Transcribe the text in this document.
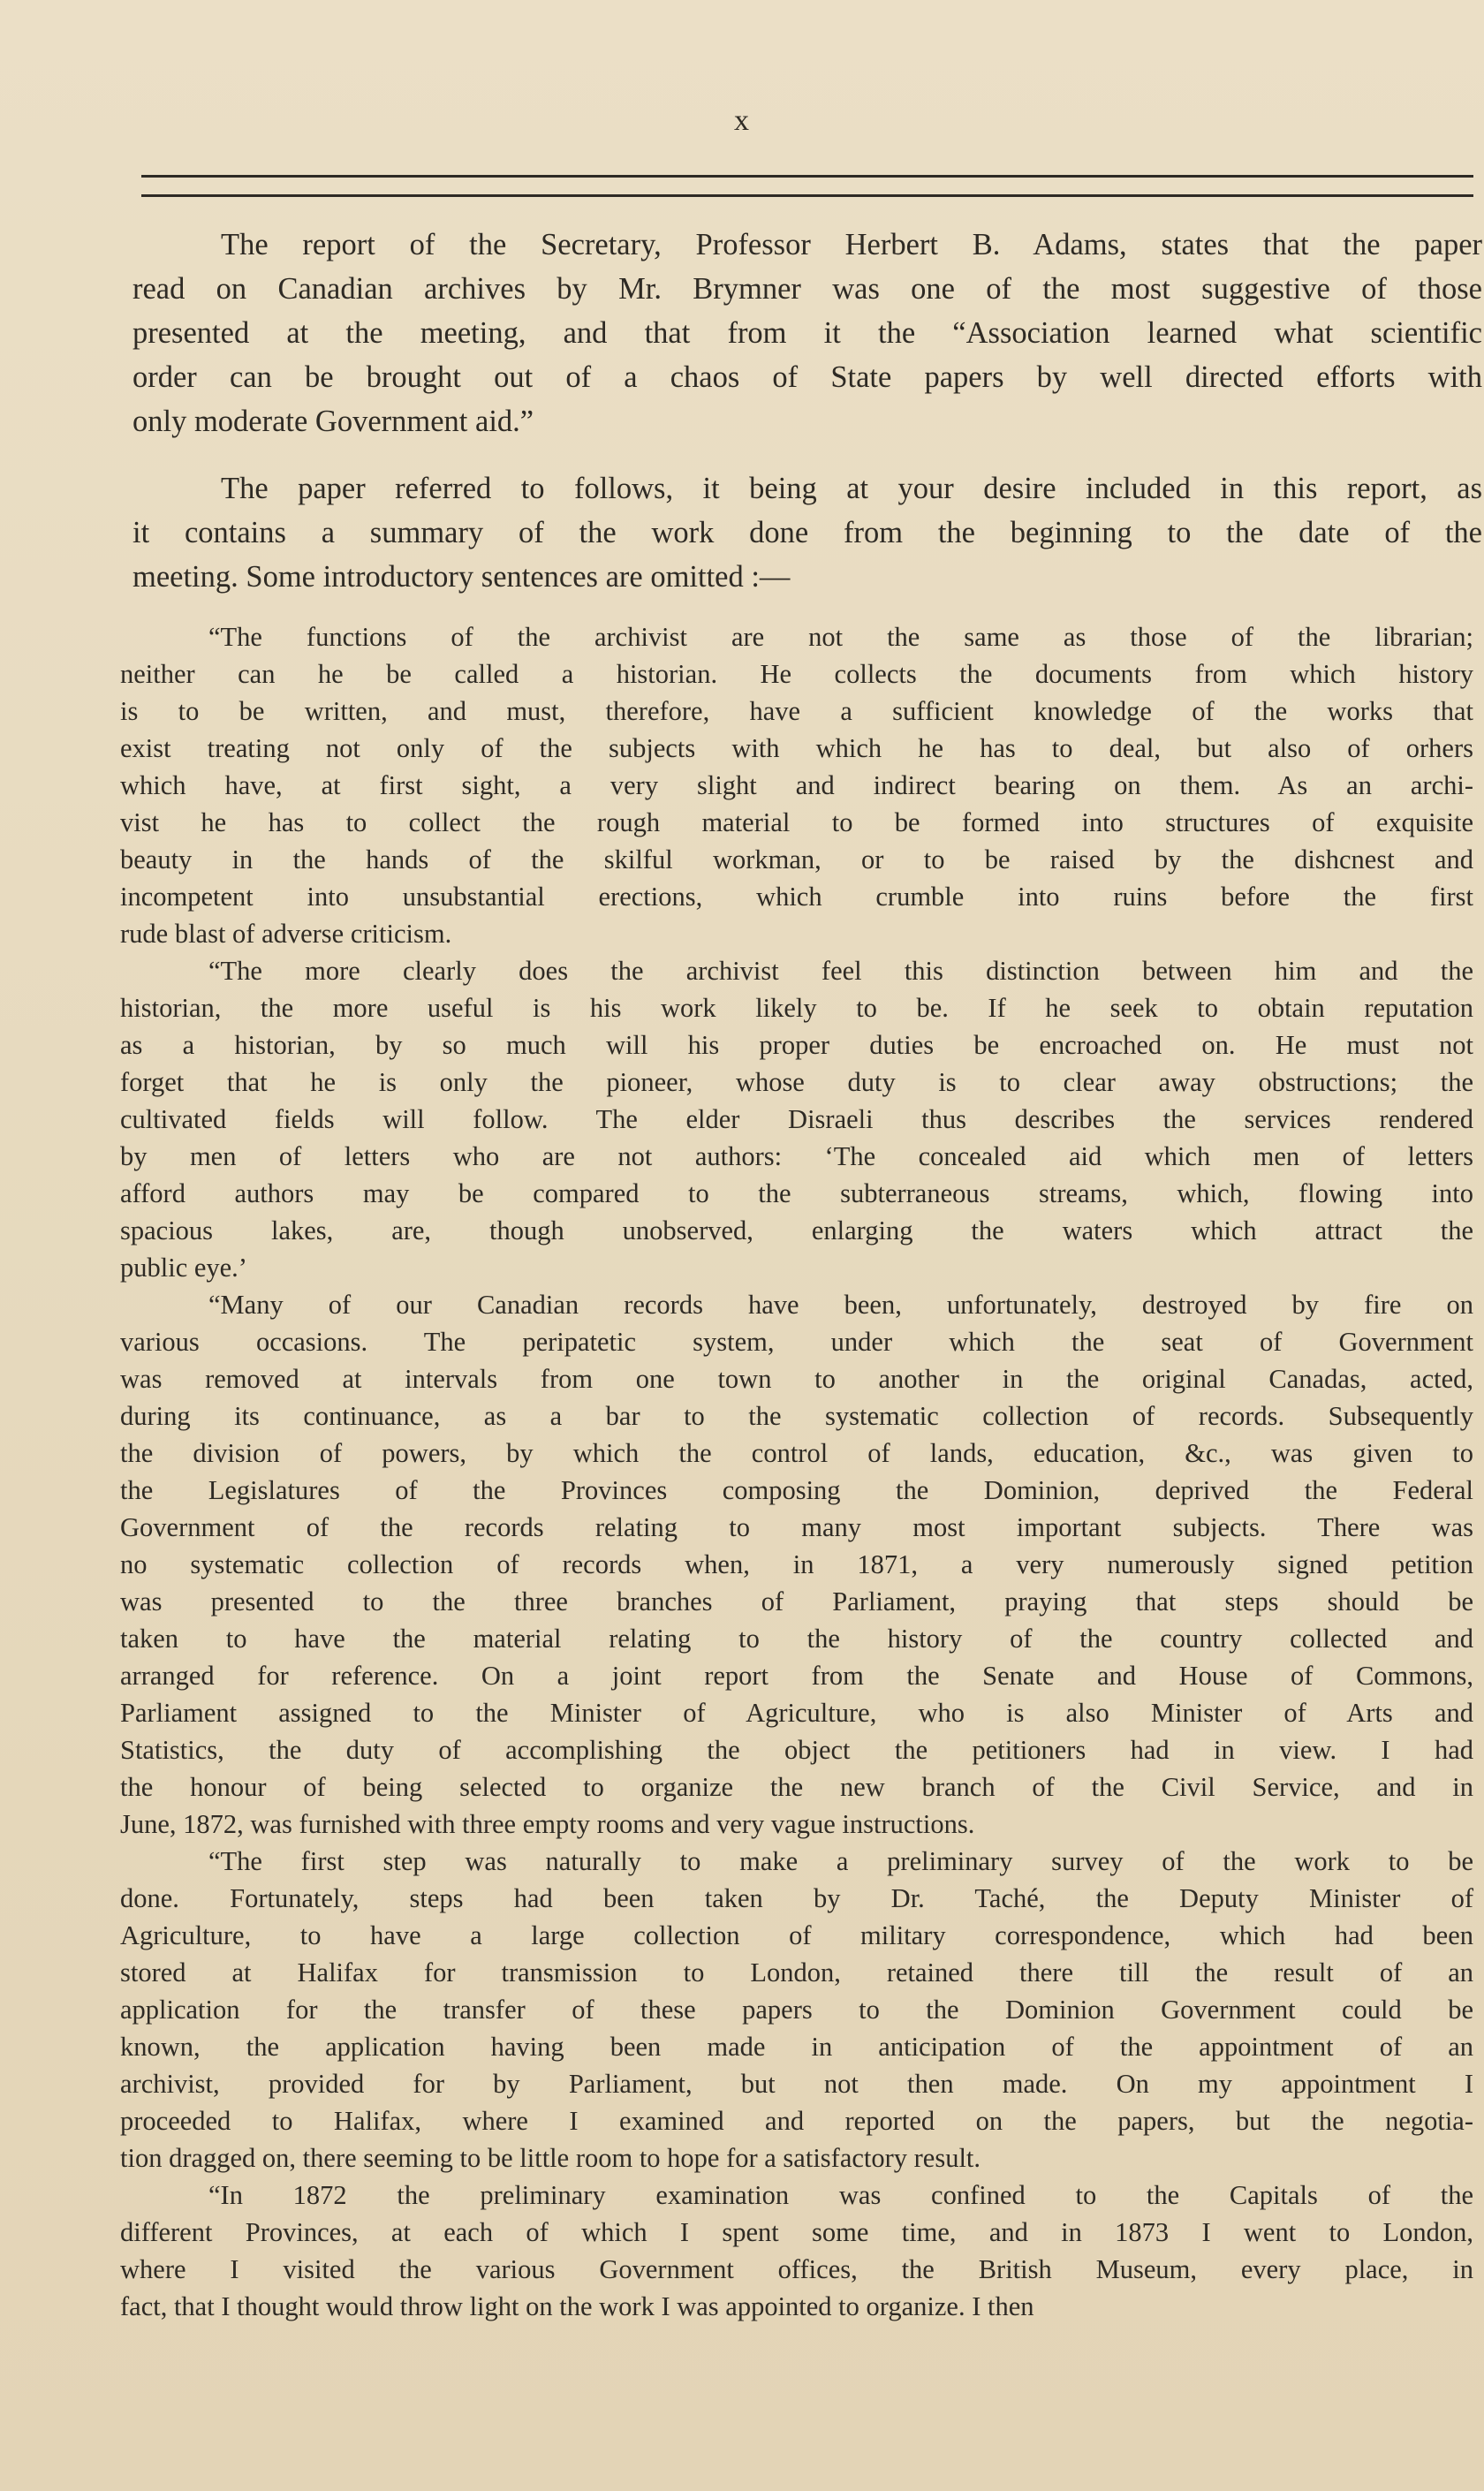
x
The report of the Secretary, Professor Herbert B. Adams, states that the paper
read on Canadian archives by Mr. Brymner was one of the most suggestive of those
presented at the meeting, and that from it the “Association learned what scientific
order can be brought out of a chaos of State papers by well directed efforts with
only moderate Government aid.”
The paper referred to follows, it being at your desire included in this report, as
it contains a summary of the work done from the beginning to the date of the
meeting. Some introductory sentences are omitted :—

“The functions of the archivist are not the same as those of the librarian;
neither can he be called a historian. He collects the documents from which history
is to be written, and must, therefore, have a sufficient knowledge of the works that
exist treating not only of the subjects with which he has to deal, but also of orhers
which have, at first sight, a very slight and indirect bearing on them. As an archi-
vist he has to collect the rough material to be formed into structures of exquisite
beauty in the hands of the skilful workman, or to be raised by the dishcnest and
incompetent into unsubstantial erections, which crumble into ruins before the first
rude blast of adverse criticism.

“The more clearly does the archivist feel this distinction between him and the
historian, the more useful is his work likely to be. If he seek to obtain reputation
as a historian, by so much will his proper duties be encroached on. He must not
forget that he is only the pioneer, whose duty is to clear away obstructions; the
cultivated fields will follow. The elder Disraeli thus describes the services rendered
by men of letters who are not authors: ‘The concealed aid which men of letters
afford authors may be compared to the subterraneous streams, which, flowing into
spacious lakes, are, though unobserved, enlarging the waters which attract the
public eye.’

“Many of our Canadian records have been, unfortunately, destroyed by fire on
various occasions. The peripatetic system, under which the seat of Government
was removed at intervals from one town to another in the original Canadas, acted,
during its continuance, as a bar to the systematic collection of records. Subsequently
the division of powers, by which the control of lands, education, &c., was given to
the Legislatures of the Provinces composing the Dominion, deprived the Federal
Government of the records relating to many most important subjects. There was
no systematic collection of records when, in 1871, a very numerously signed petition
was presented to the three branches of Parliament, praying that steps should be
taken to have the material relating to the history of the country collected and
arranged for reference. On a joint report from the Senate and House of Commons,
Parliament assigned to the Minister of Agriculture, who is also Minister of Arts and
Statistics, the duty of accomplishing the object the petitioners had in view. I had
the honour of being selected to organize the new branch of the Civil Service, and in
June, 1872, was furnished with three empty rooms and very vague instructions.

“The first step was naturally to make a preliminary survey of the work to be
done. Fortunately, steps had been taken by Dr. Taché, the Deputy Minister of
Agriculture, to have a large collection of military correspondence, which had been
stored at Halifax for transmission to London, retained there till the result of an
application for the transfer of these papers to the Dominion Government could be
known, the application having been made in anticipation of the appointment of an
archivist, provided for by Parliament, but not then made. On my appointment I
proceeded to Halifax, where I examined and reported on the papers, but the negotia-
tion dragged on, there seeming to be little room to hope for a satisfactory result.

“In 1872 the preliminary examination was confined to the Capitals of the
different Provinces, at each of which I spent some time, and in 1873 I went to London,
where I visited the various Government offices, the British Museum, every place, in
fact, that I thought would throw light on the work I was appointed to organize. I then
